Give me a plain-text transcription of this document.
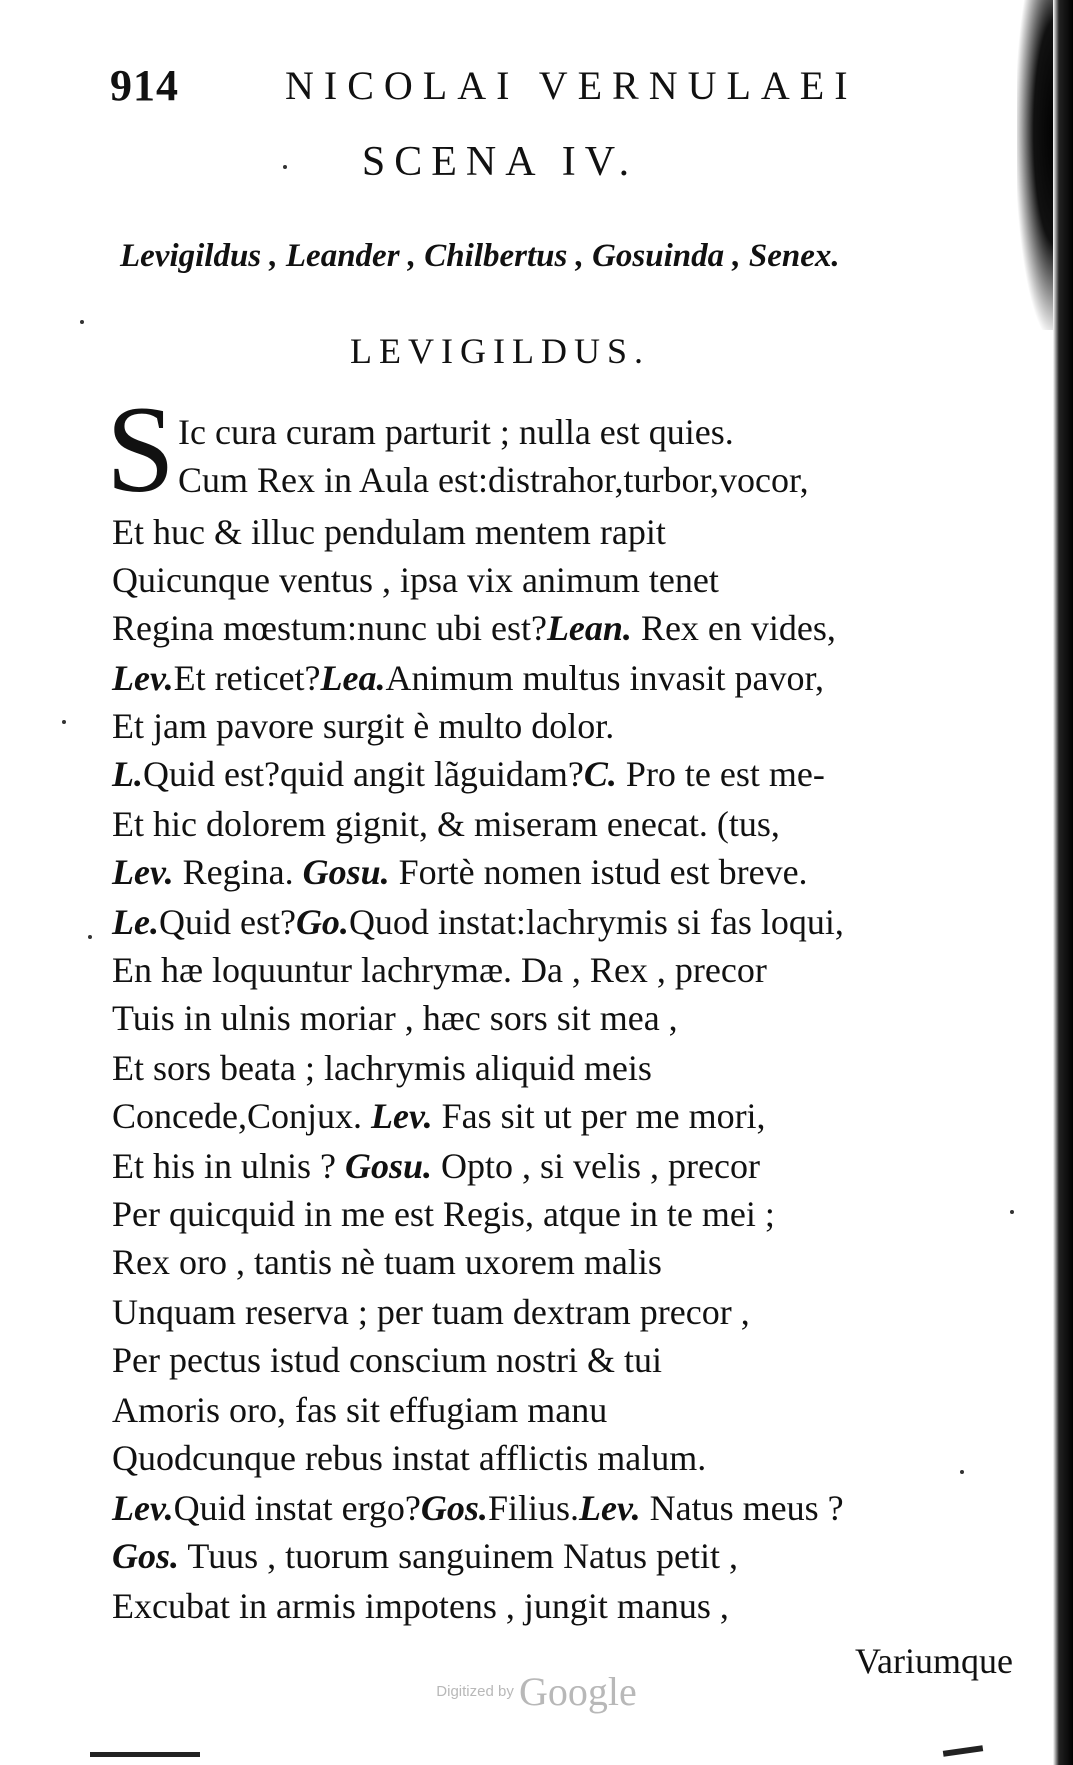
914	NICOLAI VERNULAEI
SCENA IV.
Levigildus , Leander , Chilbertus , Gosuinda , Senex.
LEVIGILDUS.
S Ic cura curam parturit ; nulla est quies.
Cum Rex in Aula est:distrahor,turbor,vocor,
Et huc & illuc pendulam mentem rapit
Quicunque ventus , ipsa vix animum tenet
Regina mœstum:nunc ubi est?Lean. Rex en vides,
Lev.Et reticet?Lea.Animum multus invasit pavor,
Et jam pavore surgit è multo dolor.
L.Quid est?quid angit lãguidam?C. Pro te est me-
Et hic dolorem gignit, & miseram enecat. (tus,
Lev. Regina. Gosu. Fortè nomen istud est breve.
Le.Quid est?Go.Quod instat:lachrymis si fas loqui,
En hæ loquuntur lachrymæ. Da , Rex , precor
Tuis in ulnis moriar , hæc sors sit mea ,
Et sors beata ; lachrymis aliquid meis
Concede,Conjux. Lev. Fas sit ut per me mori,
Et his in ulnis ? Gosu. Opto , si velis , precor
Per quicquid in me est Regis, atque in te mei ;
Rex oro , tantis nè tuam uxorem malis
Unquam reserva ; per tuam dextram precor ,
Per pectus istud conscium nostri & tui
Amoris oro, fas sit effugiam manu
Quodcunque rebus instat afflictis malum.
Lev.Quid instat ergo?Gos.Filius.Lev. Natus meus ?
Gos. Tuus , tuorum sanguinem Natus petit ,
Excubat in armis impotens , jungit manus ,
Variumque
Digitized by Google
